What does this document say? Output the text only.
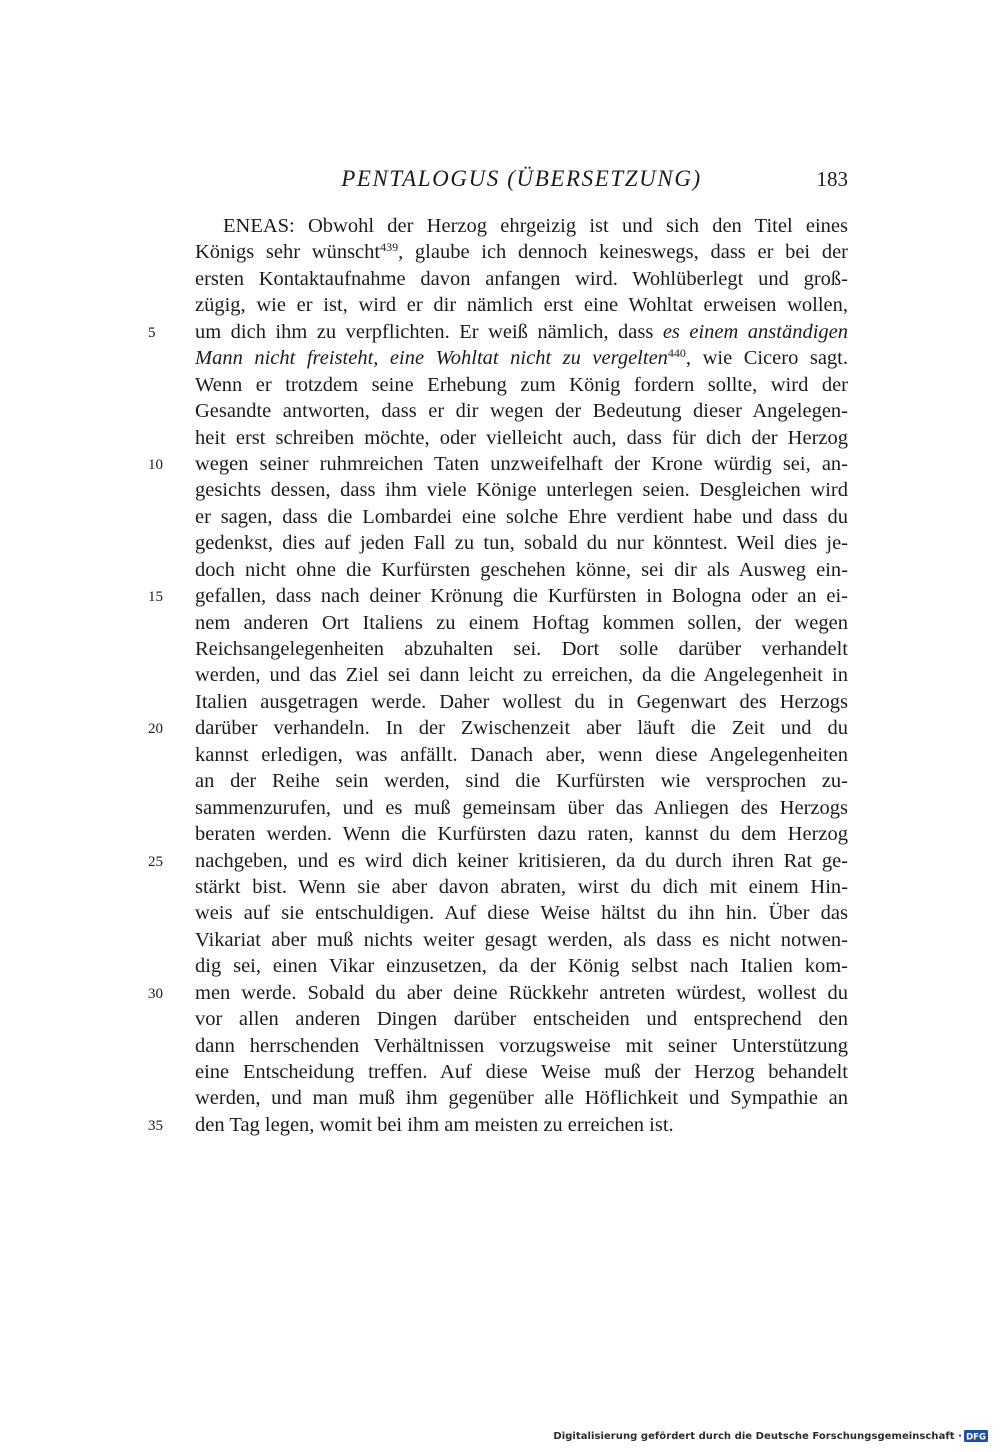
PENTALOGUS (ÜBERSETZUNG)	183
ENEAS: Obwohl der Herzog ehrgeizig ist und sich den Titel eines
Königs sehr wünscht$^{439}$, glaube ich dennoch keineswegs, dass er bei der
ersten Kontaktaufnahme davon anfangen wird. Wohlüberlegt und groß-
zügig, wie er ist, wird er dir nämlich erst eine Wohltat erweisen wollen,
um dich ihm zu verpflichten. Er weiß nämlich, dass es einem anständigen
5
Mann nicht freisteht, eine Wohltat nicht zu vergelten$^{440}$, wie Cicero sagt.
Wenn er trotzdem seine Erhebung zum König fordern sollte, wird der
Gesandte antworten, dass er dir wegen der Bedeutung dieser Angelegen-
heit erst schreiben möchte, oder vielleicht auch, dass für dich der Herzog
wegen seiner ruhmreichen Taten unzweifelhaft der Krone würdig sei, an-
10
gesichts dessen, dass ihm viele Könige unterlegen seien. Desgleichen wird
er sagen, dass die Lombardei eine solche Ehre verdient habe und dass du
gedenkst, dies auf jeden Fall zu tun, sobald du nur könntest. Weil dies je-
doch nicht ohne die Kurfürsten geschehen könne, sei dir als Ausweg ein-
gefallen, dass nach deiner Krönung die Kurfürsten in Bologna oder an ei-
15
nem anderen Ort Italiens zu einem Hoftag kommen sollen, der wegen
Reichsangelegenheiten abzuhalten sei. Dort solle darüber verhandelt
werden, und das Ziel sei dann leicht zu erreichen, da die Angelegenheit in
Italien ausgetragen werde. Daher wollest du in Gegenwart des Herzogs
darüber verhandeln. In der Zwischenzeit aber läuft die Zeit und du
20
kannst erledigen, was anfällt. Danach aber, wenn diese Angelegenheiten
an der Reihe sein werden, sind die Kurfürsten wie versprochen zu-
sammenzurufen, und es muß gemeinsam über das Anliegen des Herzogs
beraten werden. Wenn die Kurfürsten dazu raten, kannst du dem Herzog
nachgeben, und es wird dich keiner kritisieren, da du durch ihren Rat ge-
25
stärkt bist. Wenn sie aber davon abraten, wirst du dich mit einem Hin-
weis auf sie entschuldigen. Auf diese Weise hältst du ihn hin. Über das
Vikariat aber muß nichts weiter gesagt werden, als dass es nicht notwen-
dig sei, einen Vikar einzusetzen, da der König selbst nach Italien kom-
men werde. Sobald du aber deine Rückkehr antreten würdest, wollest du
30
vor allen anderen Dingen darüber entscheiden und entsprechend den
dann herrschenden Verhältnissen vorzugsweise mit seiner Unterstützung
eine Entscheidung treffen. Auf diese Weise muß der Herzog behandelt
werden, und man muß ihm gegenüber alle Höflichkeit und Sympathie an
den Tag legen, womit bei ihm am meisten zu erreichen ist.
35
Digitalisierung gefördert durch die Deutsche Forschungsgemeinschaft · DFG
